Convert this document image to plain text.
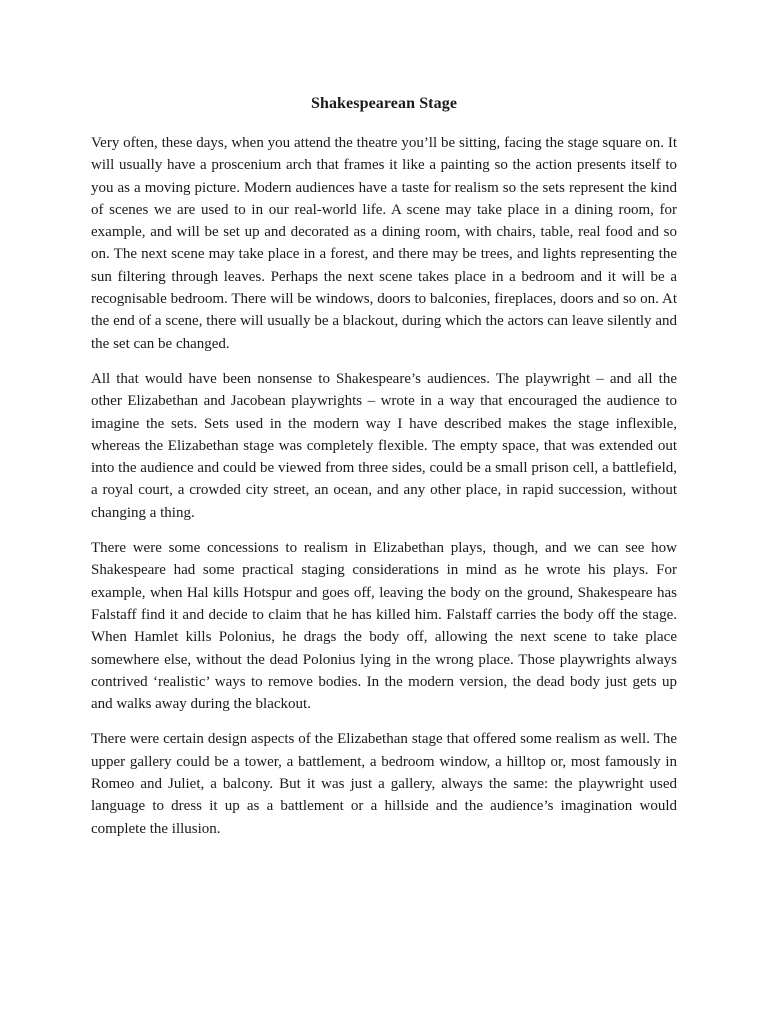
Shakespearean Stage

Very often, these days, when you attend the theatre you’ll be sitting, facing the stage square on. It will usually have a proscenium arch that frames it like a painting so the action presents itself to you as a moving picture. Modern audiences have a taste for realism so the sets represent the kind of scenes we are used to in our real-world life. A scene may take place in a dining room, for example, and will be set up and decorated as a dining room, with chairs, table, real food and so on. The next scene may take place in a forest, and there may be trees, and lights representing the sun filtering through leaves. Perhaps the next scene takes place in a bedroom and it will be a recognisable bedroom. There will be windows, doors to balconies, fireplaces, doors and so on. At the end of a scene, there will usually be a blackout, during which the actors can leave silently and the set can be changed.

All that would have been nonsense to Shakespeare’s audiences. The playwright – and all the other Elizabethan and Jacobean playwrights – wrote in a way that encouraged the audience to imagine the sets. Sets used in the modern way I have described makes the stage inflexible, whereas the Elizabethan stage was completely flexible. The empty space, that was extended out into the audience and could be viewed from three sides, could be a small prison cell, a battlefield, a royal court, a crowded city street, an ocean, and any other place, in rapid succession, without changing a thing.

There were some concessions to realism in Elizabethan plays, though, and we can see how Shakespeare had some practical staging considerations in mind as he wrote his plays. For example, when Hal kills Hotspur and goes off, leaving the body on the ground, Shakespeare has Falstaff find it and decide to claim that he has killed him. Falstaff carries the body off the stage. When Hamlet kills Polonius, he drags the body off, allowing the next scene to take place somewhere else, without the dead Polonius lying in the wrong place. Those playwrights always contrived ‘realistic’ ways to remove bodies. In the modern version, the dead body just gets up and walks away during the blackout.

There were certain design aspects of the Elizabethan stage that offered some realism as well. The upper gallery could be a tower, a battlement, a bedroom window, a hilltop or, most famously in Romeo and Juliet, a balcony. But it was just a gallery, always the same: the playwright used language to dress it up as a battlement or a hillside and the audience’s imagination would complete the illusion.
